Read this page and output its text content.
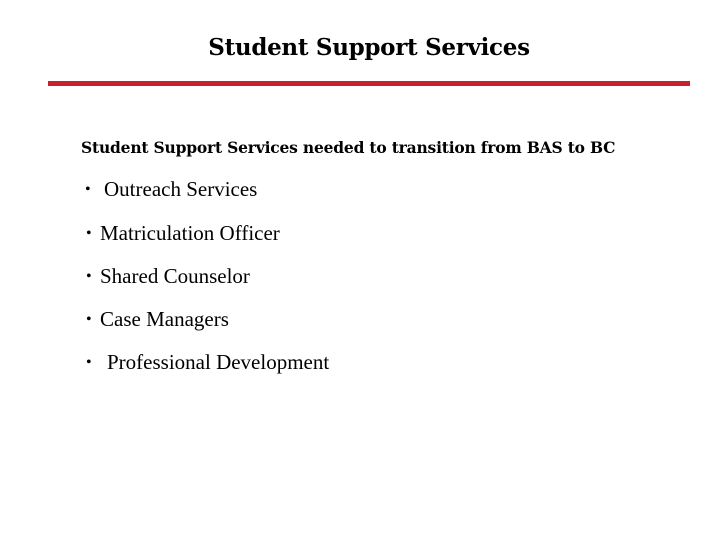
Student Support Services
Student Support Services needed to transition from BAS to BC
• Outreach Services
• Matriculation Officer
• Shared Counselor
• Case Managers
• Professional Development
